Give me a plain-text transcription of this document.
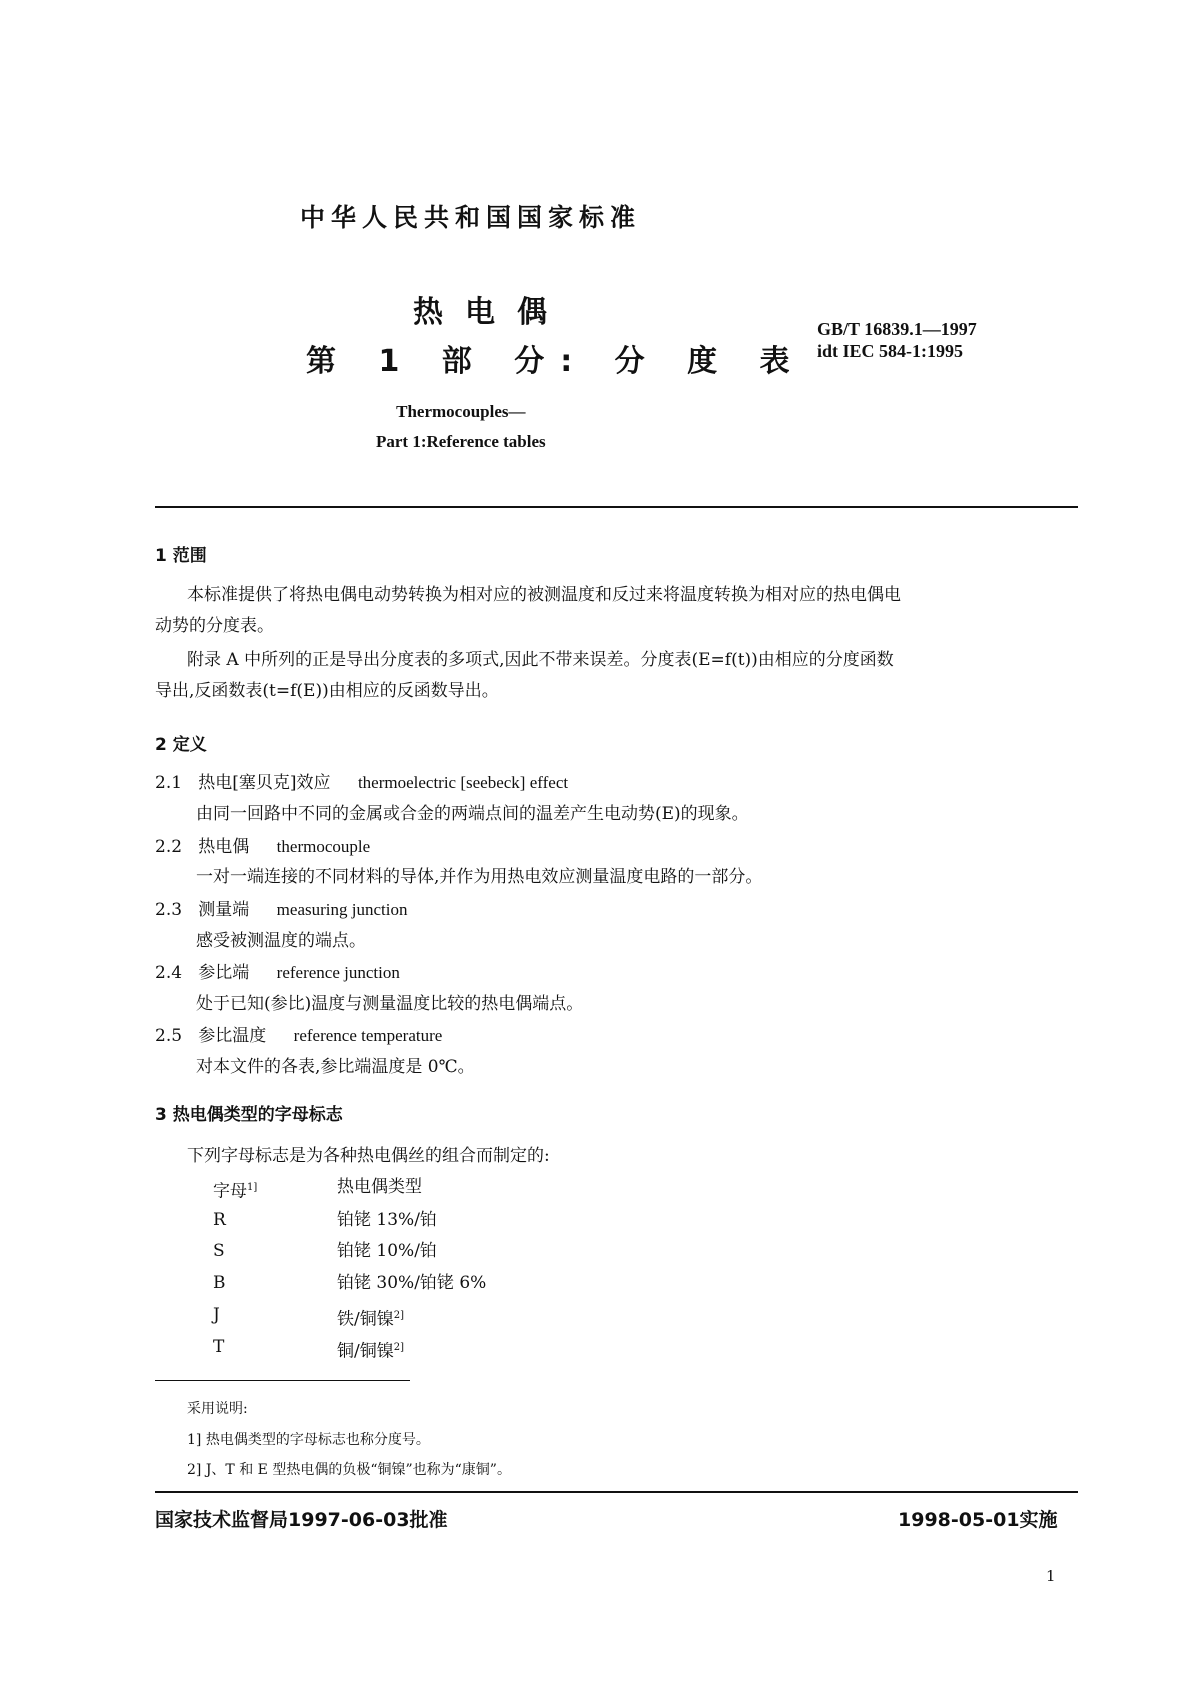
中华人民共和国国家标准
热电偶
第 1 部 分: 分 度 表
GB/T 16839.1—1997
idt IEC 584-1:1995
Thermocouples—
Part 1:Reference tables
1 范围
本标准提供了将热电偶电动势转换为相对应的被测温度和反过来将温度转换为相对应的热电偶电
动势的分度表。
附录 A 中所列的正是导出分度表的多项式,因此不带来误差。分度表(E=f(t))由相应的分度函数
导出,反函数表(t=f(E))由相应的反函数导出。
2 定义
2.1 热电[塞贝克]效应 thermoelectric [seebeck] effect
由同一回路中不同的金属或合金的两端点间的温差产生电动势(E)的现象。
2.2 热电偶 thermocouple
一对一端连接的不同材料的导体,并作为用热电效应测量温度电路的一部分。
2.3 测量端 measuring junction
感受被测温度的端点。
2.4 参比端 reference junction
处于已知(参比)温度与测量温度比较的热电偶端点。
2.5 参比温度 reference temperature
对本文件的各表,参比端温度是 0℃。
3 热电偶类型的字母标志
下列字母标志是为各种热电偶丝的组合而制定的:
字母$^{1]}$	热电偶类型
R	铂铑 13%/铂
S	铂铑 10%/铂
B	铂铑 30%/铂铑 6%
J	铁/铜镍$^{2]}$
T	铜/铜镍$^{2]}$
采用说明:
1] 热电偶类型的字母标志也称分度号。
2] J、T 和 E 型热电偶的负极“铜镍”也称为“康铜”。
国家技术监督局1997-06-03批准	1998-05-01实施
1
